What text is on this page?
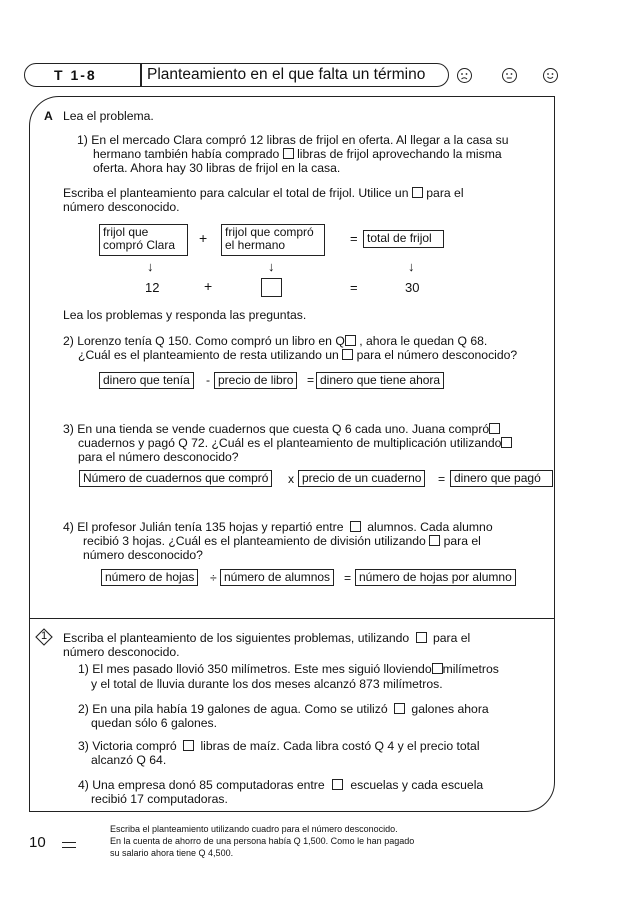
T 1-8	Planteamiento en el que falta un término
A Lea el problema.
1) En el mercado Clara compró 12 libras de frijol en oferta. Al llegar a la casa su
hermano también había comprado libras de frijol aprovechando la misma
oferta. Ahora hay 30 libras de frijol en la casa.
Escriba el planteamiento para calcular el total de frijol. Utilice un para el
número desconocido.
frijol que
compró Clara	+ frijol que compró
el hermano	= total de frijol
↓	↓	↓
12	+	=	30
Lea los problemas y responda las preguntas.
2) Lorenzo tenía Q 150. Como compró un libro en Q , ahora le quedan Q 68.
¿Cuál es el planteamiento de resta utilizando un para el número desconocido?
dinero que tenía	- precio de libro	= dinero que tiene ahora
3) En una tienda se vende cuadernos que cuesta Q 6 cada uno. Juana compró
cuadernos y pagó Q 72. ¿Cuál es el planteamiento de multiplicación utilizando
para el número desconocido?
Número de cuadernos que compró	x precio de un cuaderno	= dinero que pagó
4) El profesor Julián tenía 135 hojas y repartió entre alumnos. Cada alumno
recibió 3 hojas. ¿Cuál es el planteamiento de división utilizando para el
número desconocido?
número de hojas	÷ número de alumnos	= número de hojas por alumno
1 Escriba el planteamiento de los siguientes problemas, utilizando para el
número desconocido.
1) El mes pasado llovió 350 milímetros. Este mes siguió lloviendo milímetros
y el total de lluvia durante los dos meses alcanzó 873 milímetros.
2) En una pila había 19 galones de agua. Como se utilizó galones ahora
quedan sólo 6 galones.
3) Victoria compró libras de maíz. Cada libra costó Q 4 y el precio total
alcanzó Q 64.
4) Una empresa donó 85 computadoras entre escuelas y cada escuela
recibió 17 computadoras.
10
Escriba el planteamiento utilizando cuadro para el número desconocido.
En la cuenta de ahorro de una persona había Q 1,500. Como le han pagado
su salario ahora tiene Q 4,500.
